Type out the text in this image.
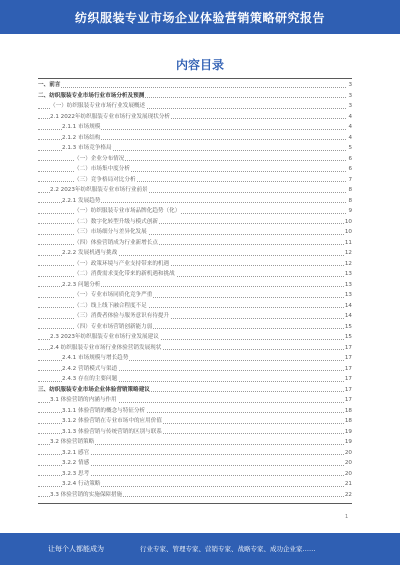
纺织服装专业市场企业体验营销策略研究报告
内容目录
一、前言	3
二、纺织服装专业市场行业市场分析及预测	3
（一）纺织服装专业市场行业发展概述	3
2.1 2022年纺织服装专业市场行业发展现状分析	4
2.1.1 市场规模	4
2.1.2 市场结构	4
2.1.3 市场竞争格局	5
（一）企业分布情况	6
（二）市场集中度分析	6
（三）竞争格局对比分析	7
2.2 2023年纺织服装专业市场行业前景	8
2.2.1 发展趋势	8
（一）纺织服装专业市场品牌化趋势（化）	9
（二）数字化转型升级与模式创新	10
（三）市场细分与差异化发展	10
（四）体验营销成为行业新增长点	11
2.2.2 发展机遇与挑战	12
（一）政策环境与产业支持带来的机遇	12
（二）消费需求变化带来的新机遇和挑战	13
2.2.3 问题分析	13
（一）专业市场同质化竞争严重	13
（二）线上线下融合程度不足	14
（三）消费者体验与服务意识有待提升	14
（四）专业市场营销创新能力弱	15
2.3 2023年纺织服装专业市场行业发展建议	15
2.4 纺织服装专业市场行业体验营销发展现状	17
2.4.1 市场规模与增长趋势	17
2.4.2 营销模式与渠道	17
2.4.3 存在的主要问题	17
三、纺织服装专业市场企业体验营销策略建议	17
3.1 体验营销的内涵与作用	17
3.1.1 体验营销的概念与特征分析	18
3.1.2 体验营销在专业市场中的应用价值	18
3.1.3 体验营销与传统营销的区别与联系	19
3.2 体验营销策略	19
3.2.1 感官	20
3.2.2 情感	20
3.2.3 思考	20
3.2.4 行动策略	21
3.3 体验营销的实施保障措施	22
1
让每个人都能成为	行业专家、管理专家、营销专家、战略专家、成功企业家……
